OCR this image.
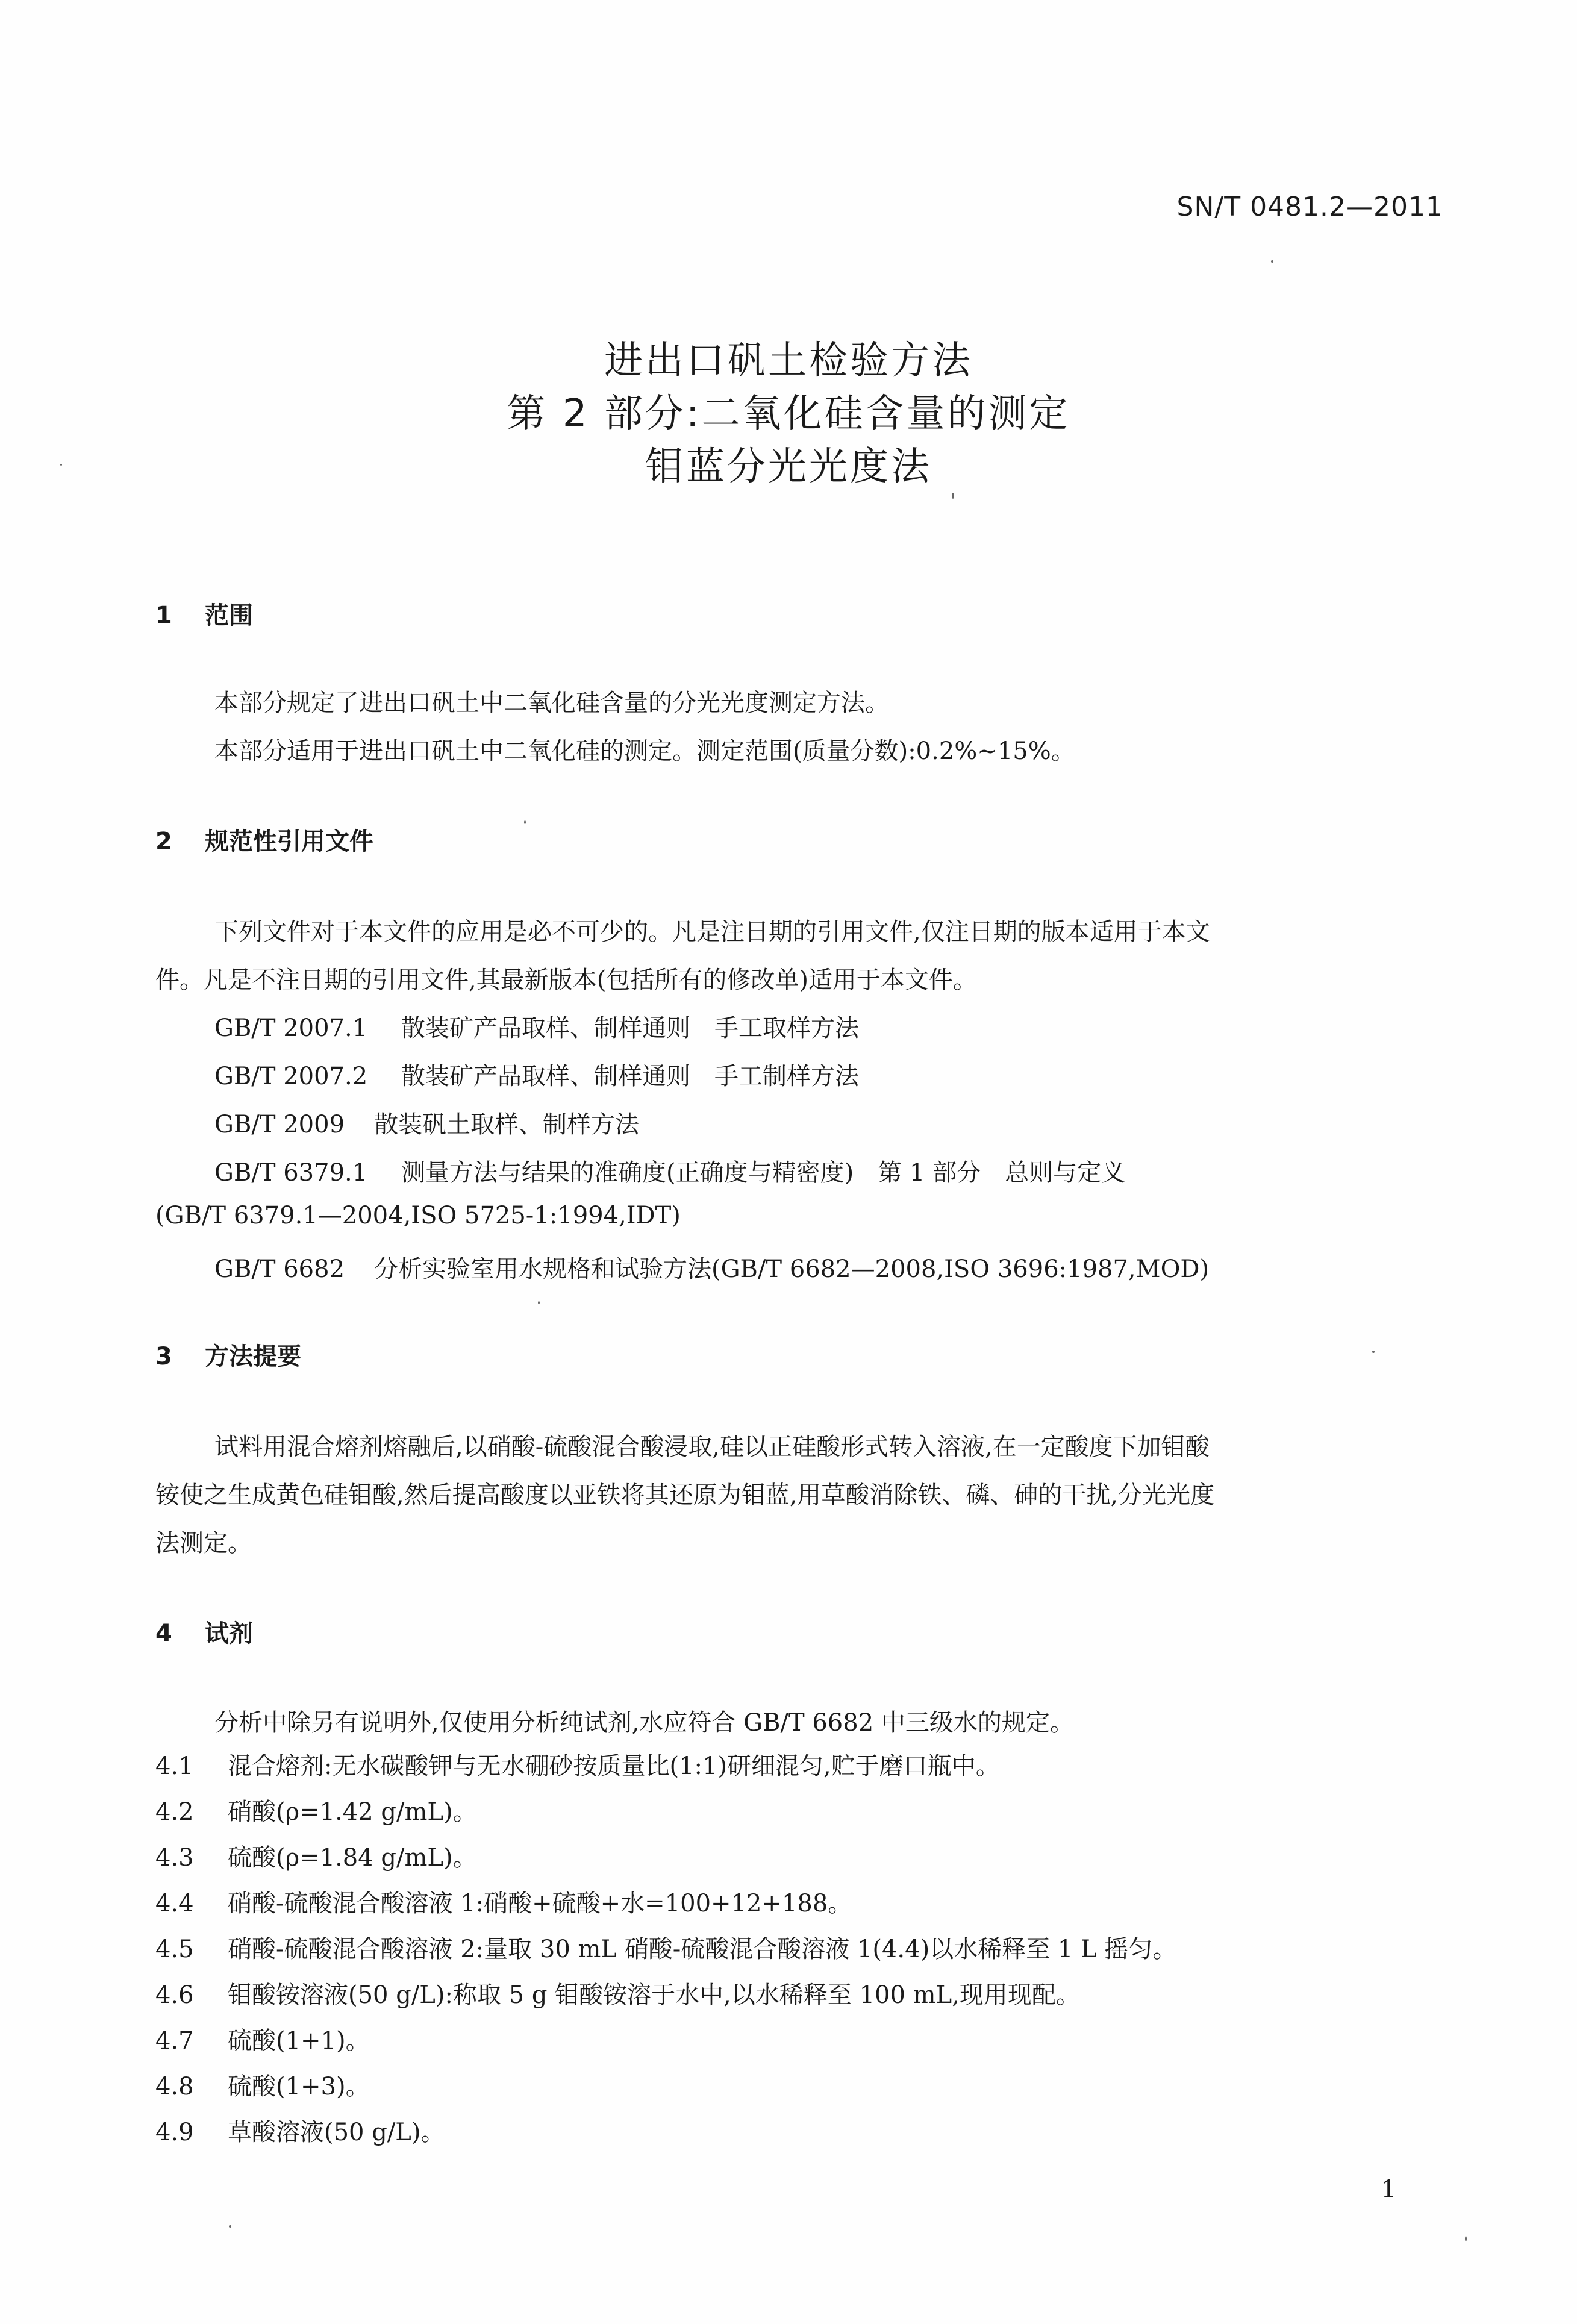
SN/T 0481.2—2011
进出口矾土检验方法
第 2 部分:二氧化硅含量的测定
钼蓝分光光度法
1 范围
本部分规定了进出口矾土中二氧化硅含量的分光光度测定方法。
本部分适用于进出口矾土中二氧化硅的测定。测定范围(质量分数):0.2%~15%。
2 规范性引用文件
下列文件对于本文件的应用是必不可少的。凡是注日期的引用文件,仅注日期的版本适用于本文
件。凡是不注日期的引用文件,其最新版本(包括所有的修改单)适用于本文件。
GB/T 2007.1 散装矿产品取样、制样通则　手工取样方法
GB/T 2007.2 散装矿产品取样、制样通则　手工制样方法
GB/T 2009 散装矾土取样、制样方法
GB/T 6379.1 测量方法与结果的准确度(正确度与精密度)　第 1 部分　总则与定义
(GB/T 6379.1—2004,ISO 5725-1:1994,IDT)
GB/T 6682 分析实验室用水规格和试验方法(GB/T 6682—2008,ISO 3696:1987,MOD)
3 方法提要
试料用混合熔剂熔融后,以硝酸-硫酸混合酸浸取,硅以正硅酸形式转入溶液,在一定酸度下加钼酸
铵使之生成黄色硅钼酸,然后提高酸度以亚铁将其还原为钼蓝,用草酸消除铁、磷、砷的干扰,分光光度
法测定。
4 试剂
分析中除另有说明外,仅使用分析纯试剂,水应符合 GB/T 6682 中三级水的规定。
4.1 混合熔剂:无水碳酸钾与无水硼砂按质量比(1:1)研细混匀,贮于磨口瓶中。
4.2 硝酸(ρ=1.42 g/mL)。
4.3 硫酸(ρ=1.84 g/mL)。
4.4 硝酸-硫酸混合酸溶液 1:硝酸+硫酸+水=100+12+188。
4.5 硝酸-硫酸混合酸溶液 2:量取 30 mL 硝酸-硫酸混合酸溶液 1(4.4)以水稀释至 1 L 摇匀。
4.6 钼酸铵溶液(50 g/L):称取 5 g 钼酸铵溶于水中,以水稀释至 100 mL,现用现配。
4.7 硫酸(1+1)。
4.8 硫酸(1+3)。
4.9 草酸溶液(50 g/L)。
1
